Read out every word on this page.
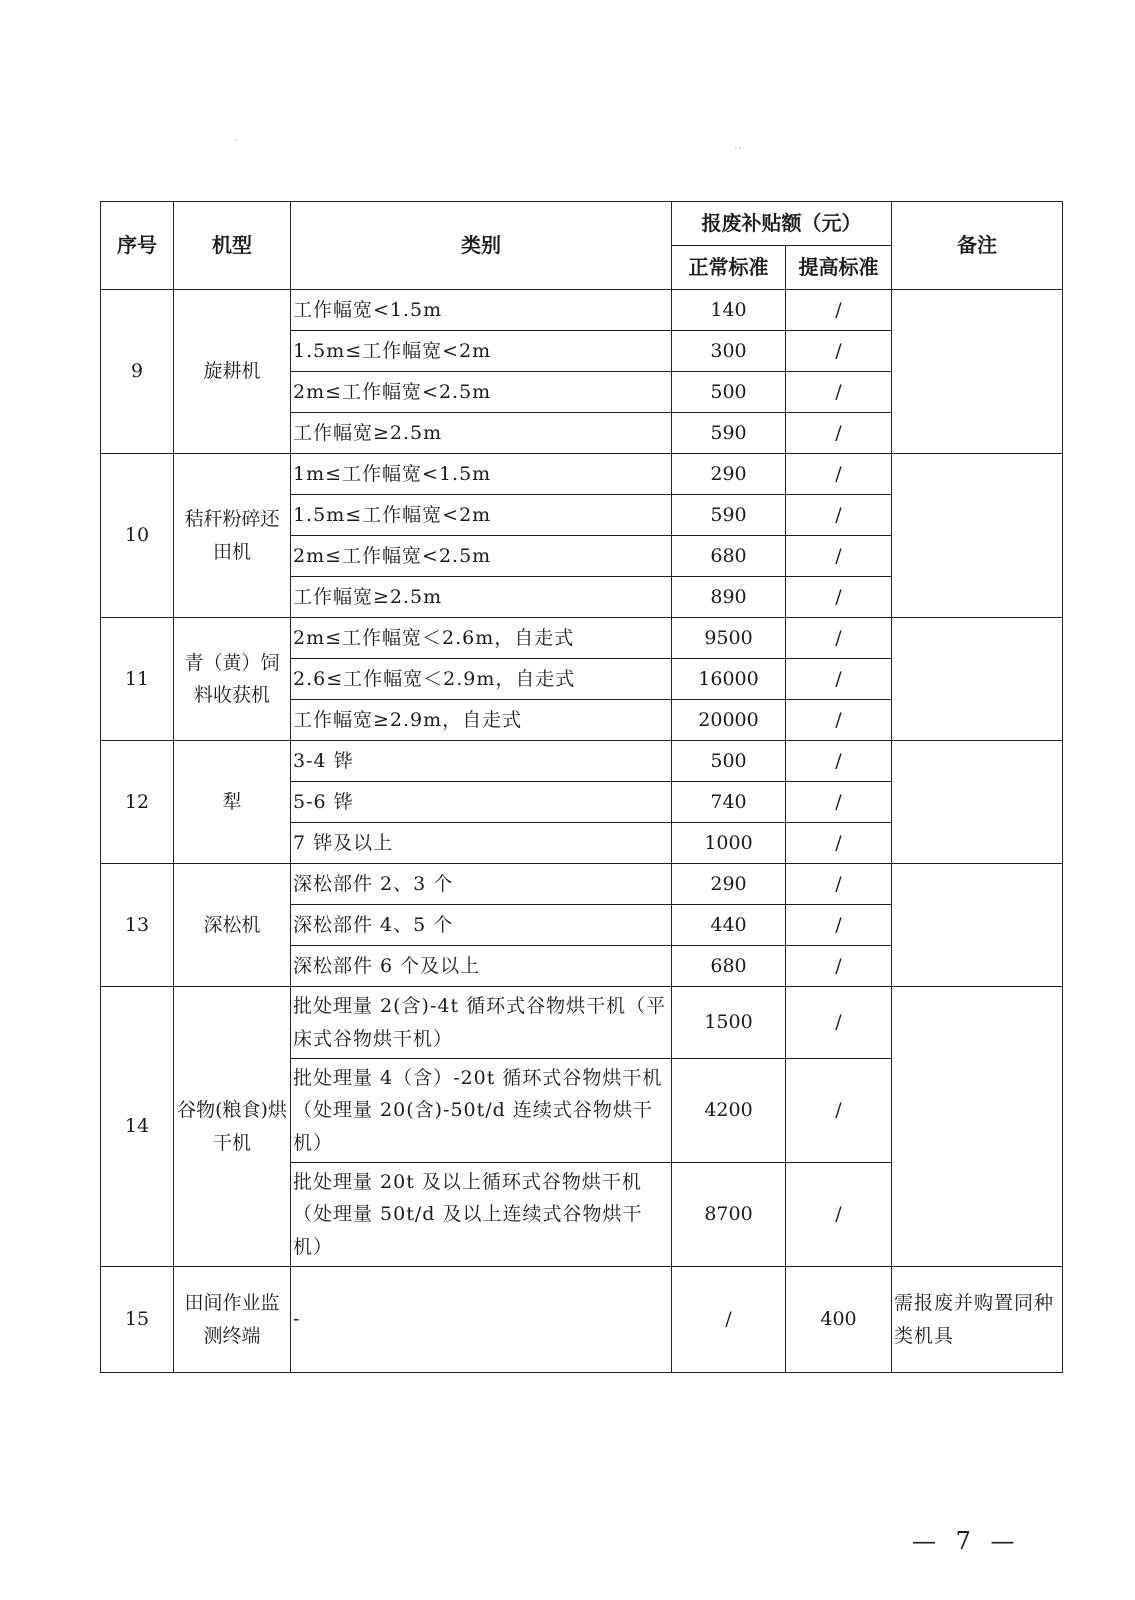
ˊ	..
序号	机型	类别	报废补贴额（元）		备注
			正常标准	提高标准	
9	旋耕机	工作幅宽<1.5m	140	/	
		1.5m≤工作幅宽<2m	300	/	
		2m≤工作幅宽<2.5m	500	/	
		工作幅宽≥2.5m	590	/	
10	秸秆粉碎还田机	1m≤工作幅宽<1.5m	290	/	
		1.5m≤工作幅宽<2m	590	/	
		2m≤工作幅宽<2.5m	680	/	
		工作幅宽≥2.5m	890	/	
11	青（黄）饲料收获机	2m≤工作幅宽＜2.6m，自走式	9500	/	
		2.6≤工作幅宽＜2.9m，自走式	16000	/	
		工作幅宽≥2.9m，自走式	20000	/	
12	犁	3-4 铧	500	/	
		5-6 铧	740	/	
		7 铧及以上	1000	/	
13	深松机	深松部件 2、3 个	290	/	
		深松部件 4、5 个	440	/	
		深松部件 6 个及以上	680	/	
14	谷物(粮食)烘干机	批处理量 2(含)-4t 循环式谷物烘干机（平床式谷物烘干机）	1500	/	
		批处理量 4（含）-20t 循环式谷物烘干机（处理量 20(含)-50t/d 连续式谷物烘干机）	4200	/	
		批处理量 20t 及以上循环式谷物烘干机（处理量 50t/d 及以上连续式谷物烘干机）	8700	/	
15	田间作业监测终端	-	/	400	需报废并购置同种类机具
— 7 —
